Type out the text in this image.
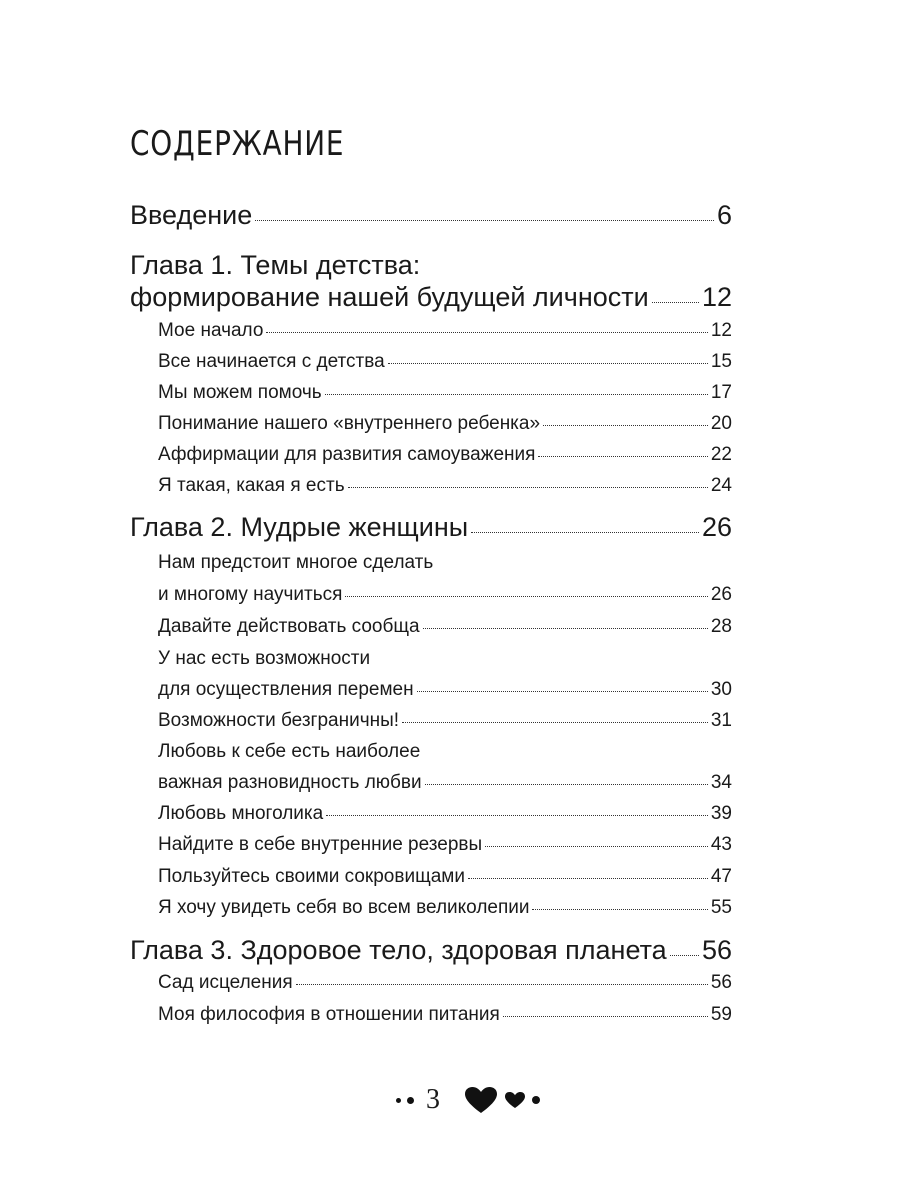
СОДЕРЖАНИЕ
Введение	6
Глава 1. Темы детства:
формирование нашей будущей личности 12
Мое начало	12
Все начинается с детства	15
Мы можем помочь	17
Понимание нашего «внутреннего ребенка»	20
Аффирмации для развития самоуважения	22
Я такая, какая я есть	24
Глава 2. Мудрые женщины	26
Нам предстоит многое сделать
и многому научиться	26
Давайте действовать сообща	28
У нас есть возможности
для осуществления перемен	30
Возможности безграничны!	31
Любовь к себе есть наиболее
важная разновидность любви	34
Любовь многолика	39
Найдите в себе внутренние резервы	43
Пользуйтесь своими сокровищами	47
Я хочу увидеть себя во всем великолепии	55
Глава 3. Здоровое тело, здоровая планета 56
Сад исцеления	56
Моя философия в отношении питания	59
3
